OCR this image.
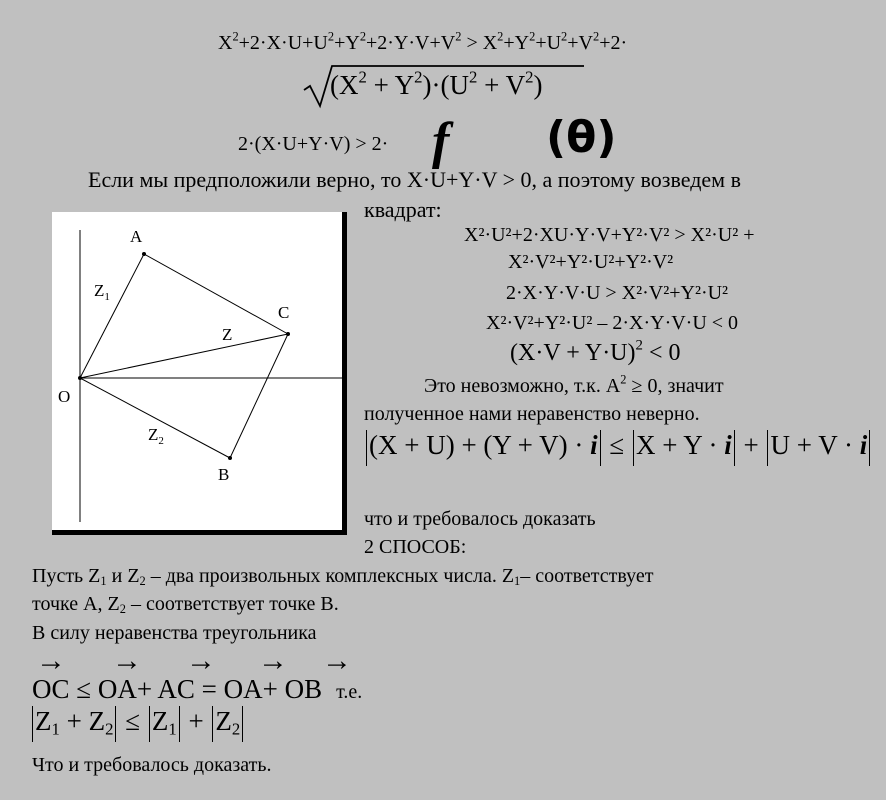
$X^2+2\cdot X\cdot U+U^2+Y^2+2\cdot Y\cdot V+V^2 > X^2+Y^2+U^2+V^2+2\cdot$
$(X^2 + Y^2)\cdot(U^2 + V^2)$
2·(X·U+Y·V) > 2· f (θ)
Если мы предположили верно, то X·U+Y·V > 0, а поэтому возведем в
квадрат:
A
C
B
O
Z
$Z_1$
$Z_2$
X²·U²+2·XU·Y·V+Y²·V² > X²·U² +
X²·V²+Y²·U²+Y²·V²
2·X·Y·V·U > X²·V²+Y²·U²
X²·V²+Y²·U² – 2·X·Y·V·U < 0
$(X\cdot V + Y\cdot U)^2 < 0$
Это невозможно, т.к. $A^2 \ge 0$, значит
полученное нами неравенство неверно.
(X + U) + (Y + V) · i ≤ X + Y · i + U + V · i
что и требовалось доказать
2 СПОСОБ:
Пусть $Z_1$ и $Z_2$ – два произвольных комплексных числа. $Z_1-$ соответствует
точке A, $Z_2$ – соответствует точке B.
В силу неравенства треугольника
→ → → → →
OC ≤ OA+ AC = OA+ OB т.е.
$Z_1 + Z_2 \le Z_1 + Z_2$
Что и требовалось доказать.
